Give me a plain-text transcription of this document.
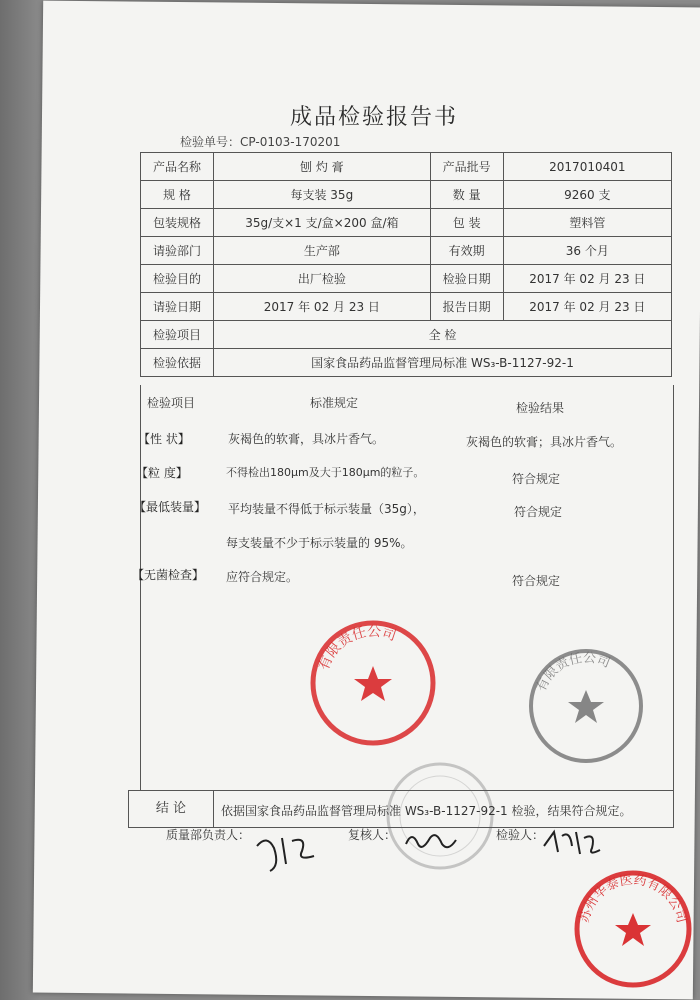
成品检验报告书
检验单号：CP-0103-170201
产品名称	刨 灼 膏	产品批号	2017010401
规 格	每支装 35g	数 量	9260 支
包装规格	35g/支×1 支/盒×200 盒/箱	包 装	塑料管
请验部门	生产部	有效期	36 个月
检验目的	出厂检验	检验日期	2017 年 02 月 23 日
请验日期	2017 年 02 月 23 日	报告日期	2017 年 02 月 23 日
检验项目	全 检		
检验依据	国家食品药品监督管理局标准 WS₃-B-1127-92-1		
检验项目	标准规定	检验结果
【性 状】	灰褐色的软膏，具冰片香气。	灰褐色的软膏；具冰片香气。
【粒 度】	不得检出180μm及大于180μm的粒子。	符合规定
【最低装量】 平均装量不得低于标示装量（35g），	符合规定
每支装量不少于标示装量的 95%。
【无菌检查】 应符合规定。	符合规定
有限责任公司
有限责任公司
结 论	依据国家食品药品监督管理局标准 WS₃-B-1127-92-1 检验，结果符合规定。
质量部负责人：	复核人：	检验人：
苏州华泰医药有限公司
